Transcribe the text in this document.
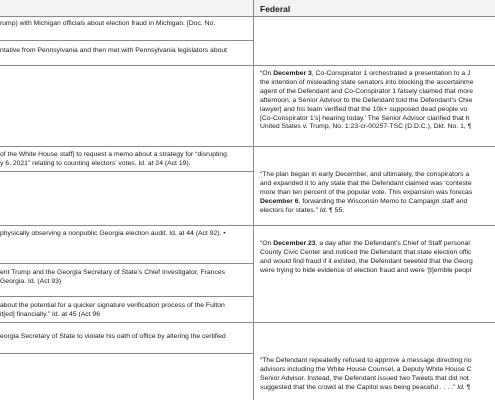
Federal

rump) with Michigan officials about election fraud in Michigan. [Doc. No.

ntative from Pennsylvania and then met with Pennsylvania legislators about

of the White House staff] to request a memo about a strategy for “disrupting

y 6, 2021” relating to counting electors’ votes. Id. at 24 (Act 19).

physically observing a nonpublic Georgia election audit. Id. at 44 (Act 92). •

ent Trump and the Georgia Secretary of State’s Chief Investigator, Frances

Georgia. Id. (Act 93)

about the potential for a quicker signature verification process of the Fulton

it[ed] financially.” Id. at 45 (Act 96

eorgia Secretary of State to violate his oath of office by altering the certified

“On December 3, Co-Conspirator 1 orchestrated a presentation to a J

the intention of misleading state senators into blocking the ascertainme

agent of the Defendant and Co-Conspirator 1 falsely claimed that more

afternoon, a Senior Advisor to the Defendant told the Defendant’s Chie

lawyer] and his team verified that the 10k+ supposed dead people vo

[Co-Conspirator 1’s] hearing today.’ The Senior Advisor clarified that h

United States v. Trump, No. 1:23-cr-00257-TSC (D.D.C.), Dkt. No. 1, ¶

“The plan began in early December, and ultimately, the conspirators a

and expanded it to any state that the Defendant claimed was ‘conteste

more than ten percent of the popular vote. This expansion was forecas

December 6, forwarding the Wisconsin Memo to Campaign staff and

electors for states.” Id. ¶ 55.

“On December 23, a day after the Defendant’s Chief of Staff personal

County Civic Center and noticed the Defendant that state election offic

and would find fraud if it existed, the Defendant tweeted that the Georg

were trying to hide evidence of election fraud and were ‘[t]errible peopl

“The Defendant repeatedly refused to approve a message directing rio

advisors including the White House Counsel, a Deputy White House C

Senior Advisor. Instead, the Defendant issued two Tweets that did not

suggested that the crowd at the Capitol was being peaceful . . . .” Id. ¶
